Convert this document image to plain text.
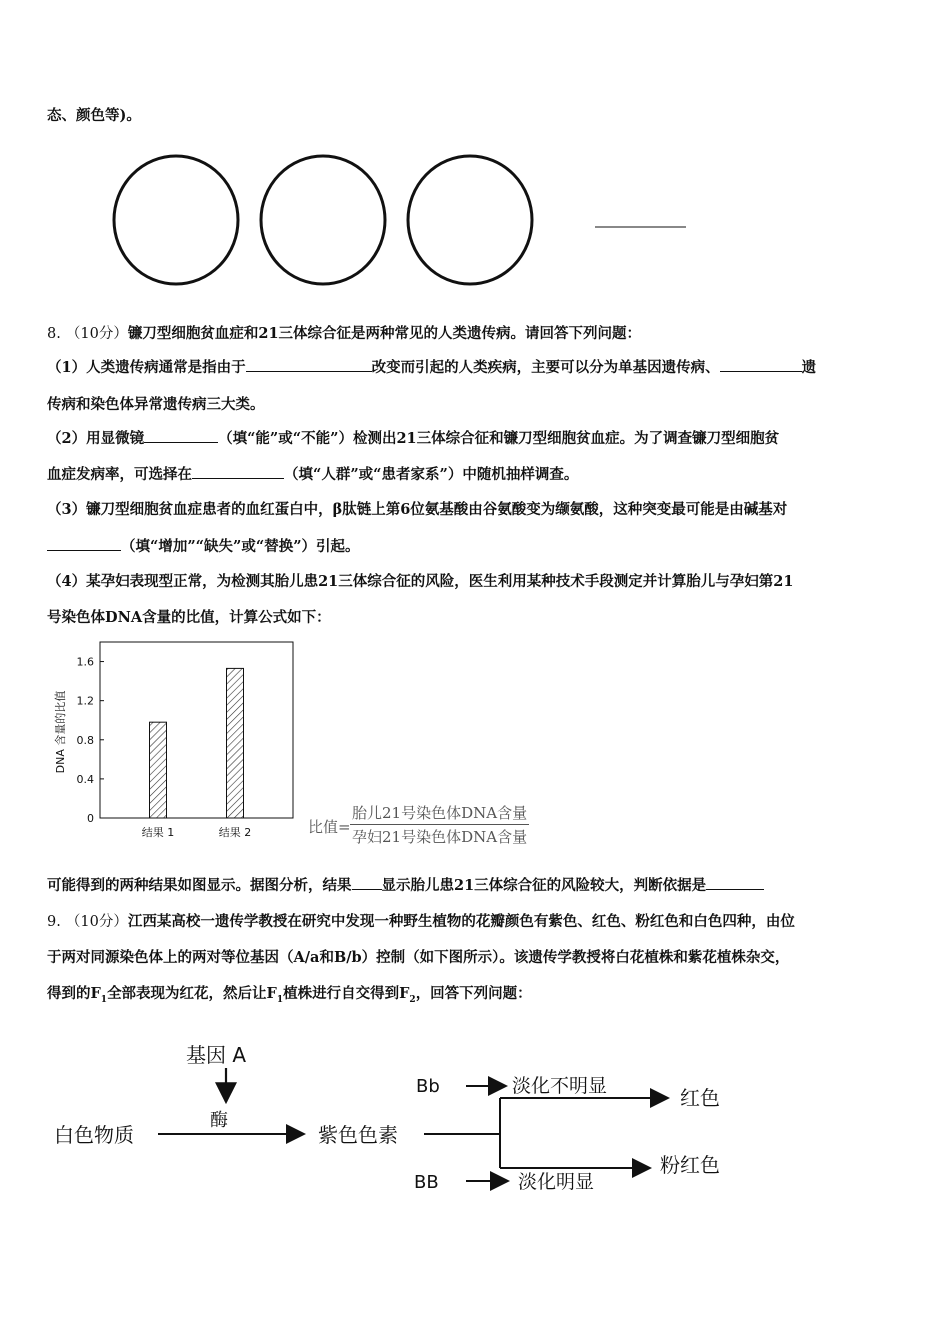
态、颜色等)。
8. （10分）镰刀型细胞贫血症和21三体综合征是两种常见的人类遗传病。请回答下列问题：
（1）人类遗传病通常是指由于	改变而引起的人类疾病，主要可以分为单基因遗传病、	遗
传病和染色体异常遗传病三大类。
（2）用显微镜	（填“能”或“不能”）检测出21三体综合征和镰刀型细胞贫血症。为了调查镰刀型细胞贫
血症发病率，可选择在	（填“人群”或“患者家系”）中随机抽样调查。
（3）镰刀型细胞贫血症患者的血红蛋白中，β肽链上第6位氨基酸由谷氨酸变为缬氨酸，这种突变最可能是由碱基对
（填“增加”“缺失”或“替换”）引起。
（4）某孕妇表现型正常，为检测其胎儿患21三体综合征的风险，医生利用某种技术手段测定并计算胎儿与孕妇第21
号染色体DNA含量的比值，计算公式如下：
DNA 含量的比值
0
0.4
0.8
1.2
1.6
结果 1	结果 2	比值=
胎儿21号染色体DNA含量
孕妇21号染色体DNA含量
可能得到的两种结果如图显示。据图分析，结果 显示胎儿患21三体综合征的风险较大，判断依据是
9. （10分）江西某高校一遗传学教授在研究中发现一种野生植物的花瓣颜色有紫色、红色、粉红色和白色四种，由位
于两对同源染色体上的两对等位基因（A/a和B/b）控制（如下图所示）。该遗传学教授将白花植株和紫花植株杂交，
得到的$F_1$全部表现为红花，然后让$F_1$植株进行自交得到$F_2$，回答下列问题：
基因 A
酶
白色物质	紫色色素
Bb	淡化不明显	红色
粉红色
BB	淡化明显
